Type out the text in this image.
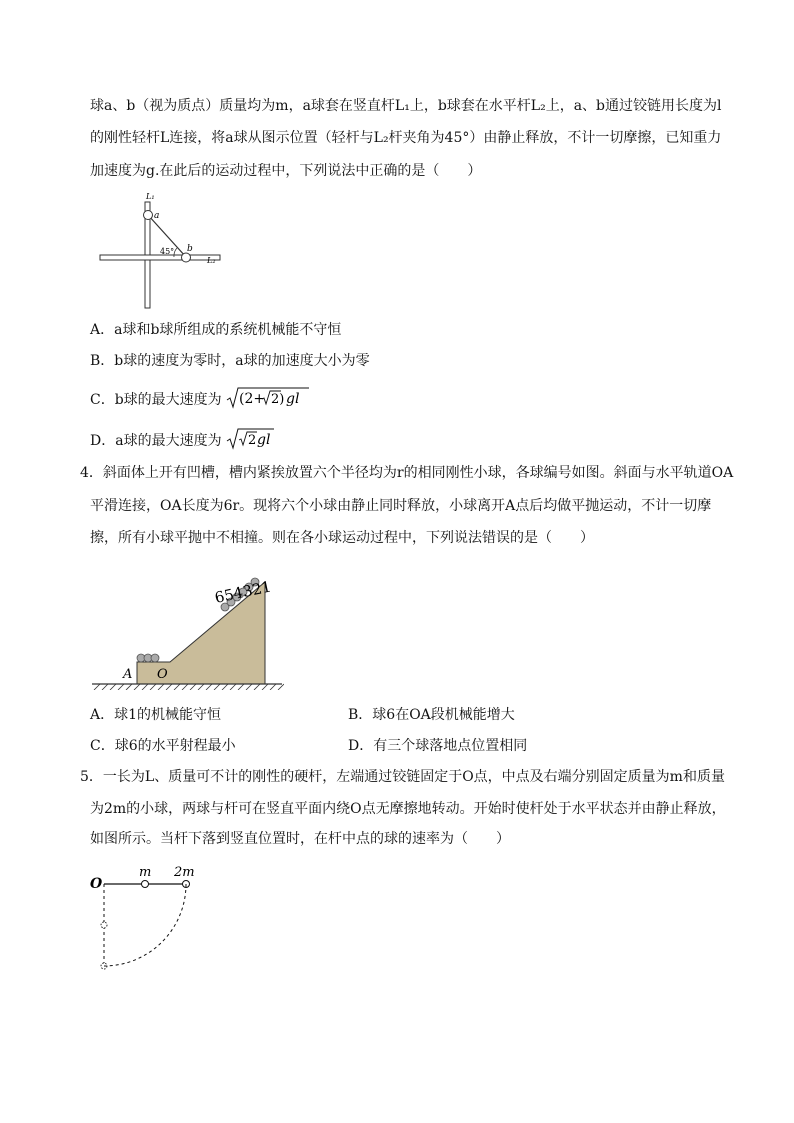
球a、b（视为质点）质量均为m，a球套在竖直杆L₁上，b球套在水平杆L₂上，a、b通过铰链用长度为l
的刚性轻杆L连接，将a球从图示位置（轻杆与L₂杆夹角为45°）由静止释放，不计一切摩擦，已知重力
加速度为g.在此后的运动过程中，下列说法中正确的是（　　）
L₁
a
b
45°
L₂
A．a球和b球所组成的系统机械能不守恒
B．b球的速度为零时，a球的加速度大小为零
C．b球的最大速度为 (2+ 2) gl
D．a球的最大速度为 2 gl
4．斜面体上开有凹槽，槽内紧挨放置六个半径均为r的相同刚性小球，各球编号如图。斜面与水平轨道OA
平滑连接，OA长度为6r。现将六个小球由静止同时释放，小球离开A点后均做平抛运动，不计一切摩
擦，所有小球平抛中不相撞。则在各小球运动过程中，下列说法错误的是（　　）
654321
A O
A．球1的机械能守恒	B．球6在OA段机械能增大
C．球6的水平射程最小	D．有三个球落地点位置相同
5．一长为L、质量可不计的刚性的硬杆，左端通过铰链固定于O点，中点及右端分别固定质量为m和质量
为2m的小球，两球与杆可在竖直平面内绕O点无摩擦地转动。开始时使杆处于水平状态并由静止释放，
如图所示。当杆下落到竖直位置时，在杆中点的球的速率为（　　）
O
m 2m
